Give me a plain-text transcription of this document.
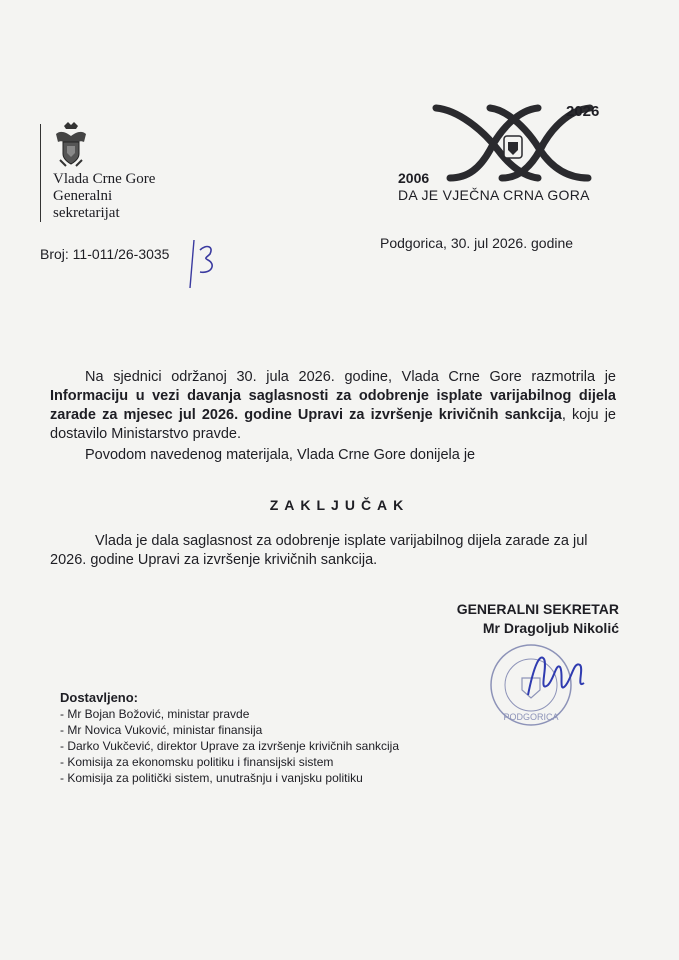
Vlada Crne Gore
Generalni
sekretarijat
2026
2006
DA JE VJEČNA CRNA GORA
Broj: 11-011/26-3035
Podgorica, 30. jul 2026. godine
Na sjednici održanoj 30. jula 2026. godine, Vlada Crne Gore razmotrila je Informaciju u vezi davanja saglasnosti za odobrenje isplate varijabilnog dijela zarade za mjesec jul 2026. godine Upravi za izvršenje krivičnih sankcija, koju je dostavilo Ministarstvo pravde.
Povodom navedenog materijala, Vlada Crne Gore donijela je
ZAKLJUČAK
Vlada je dala saglasnost za odobrenje isplate varijabilnog dijela zarade za jul 2026. godine Upravi za izvršenje krivičnih sankcija.
GENERALNI SEKRETAR
Mr Dragoljub Nikolić
PODGORICA
Dostavljeno:
- Mr Bojan Božović, ministar pravde
- Mr Novica Vuković, ministar finansija
- Darko Vukčević, direktor Uprave za izvršenje krivičnih sankcija
- Komisija za ekonomsku politiku i finansijski sistem
- Komisija za politički sistem, unutrašnju i vanjsku politiku
